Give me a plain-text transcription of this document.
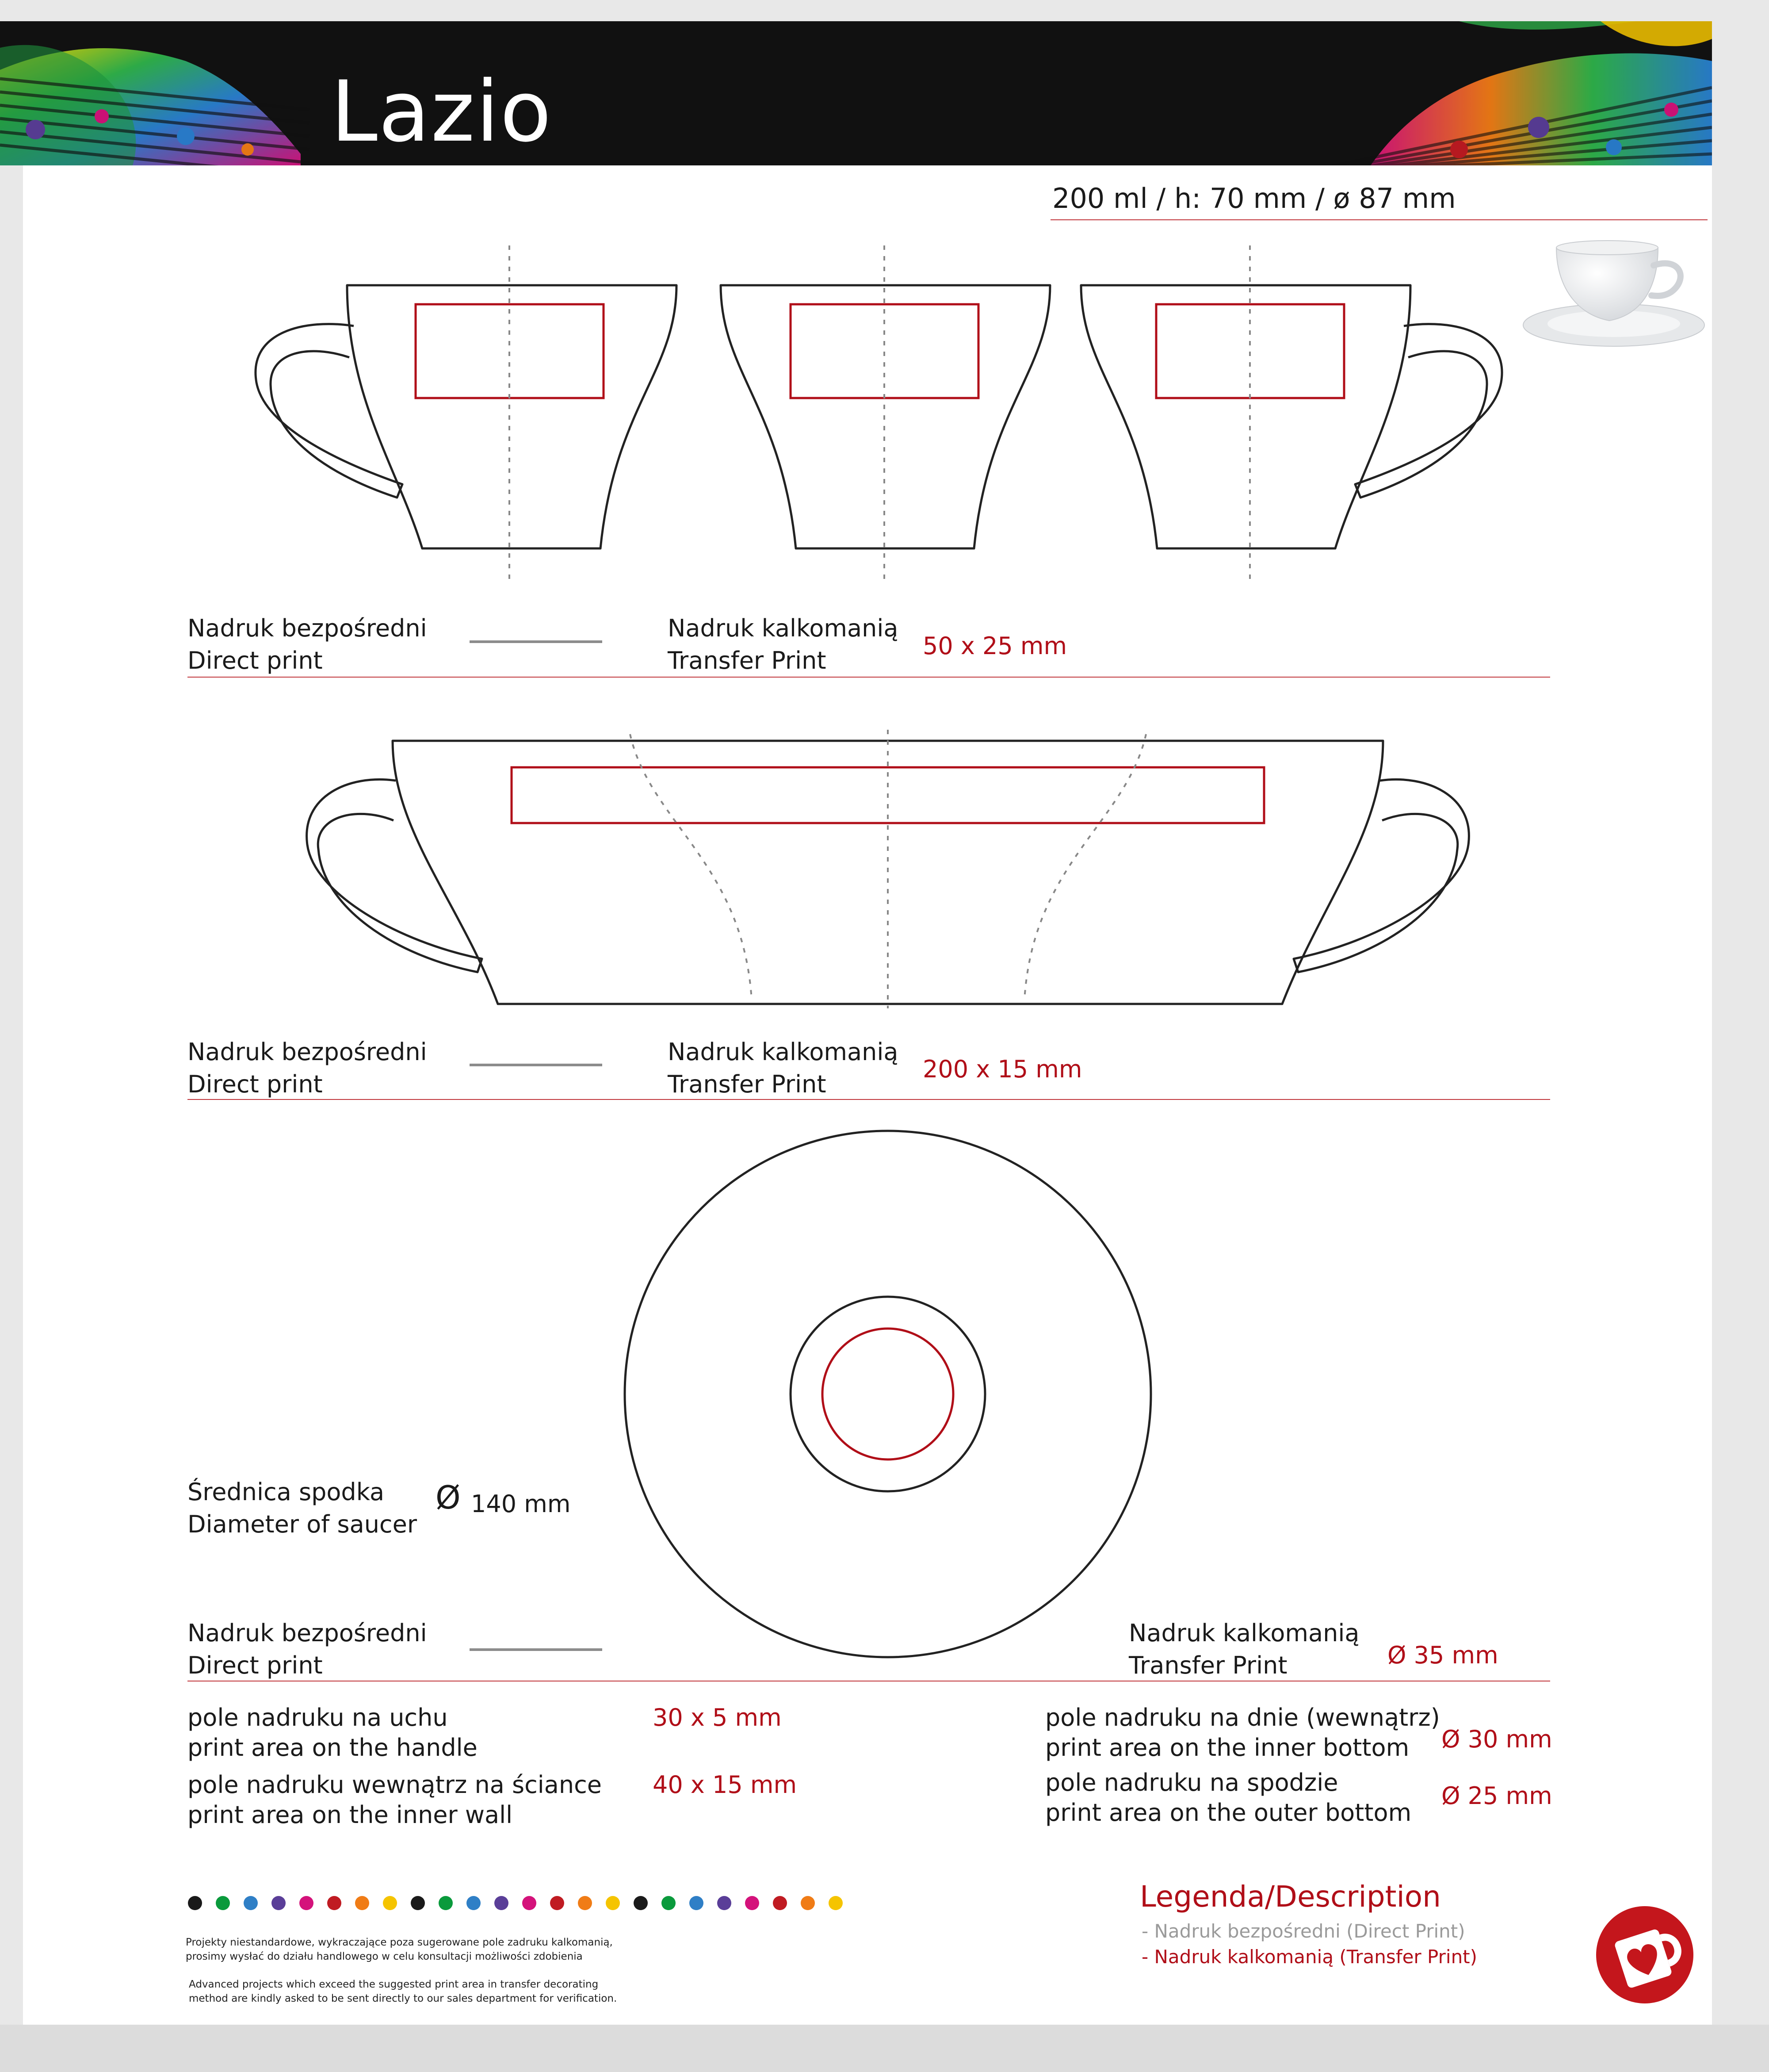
Lazio
200 ml / h: 70 mm / ø 87 mm
Nadruk bezpośredni
Direct print
Nadruk kalkomanią
Transfer Print
50 x 25 mm
Nadruk bezpośredni
Direct print
Nadruk kalkomanią
Transfer Print
200 x 15 mm
Średnica spodka
Diameter of saucer
Ø 140 mm
Nadruk bezpośredni
Direct print
Nadruk kalkomanią
Transfer Print	Ø 35 mm
pole nadruku na uchu
print area on the handle
30 x 5 mm
pole nadruku wewnątrz na ściance
print area on the inner wall
40 x 15 mm
pole nadruku na dnie (wewnątrz)
print area on the inner bottom Ø 30 mm
pole nadruku na spodzie
print area on the outer bottom
Ø 25 mm
Projekty niestandardowe, wykraczające poza sugerowane pole zadruku kalkomanią,
prosimy wysłać do działu handlowego w celu konsultacji możliwości zdobienia
Advanced projects which exceed the suggested print area in transfer decorating
method are kindly asked to be sent directly to our sales department for verification.
Legenda/Description
- Nadruk bezpośredni (Direct Print)
- Nadruk kalkomanią (Transfer Print)
